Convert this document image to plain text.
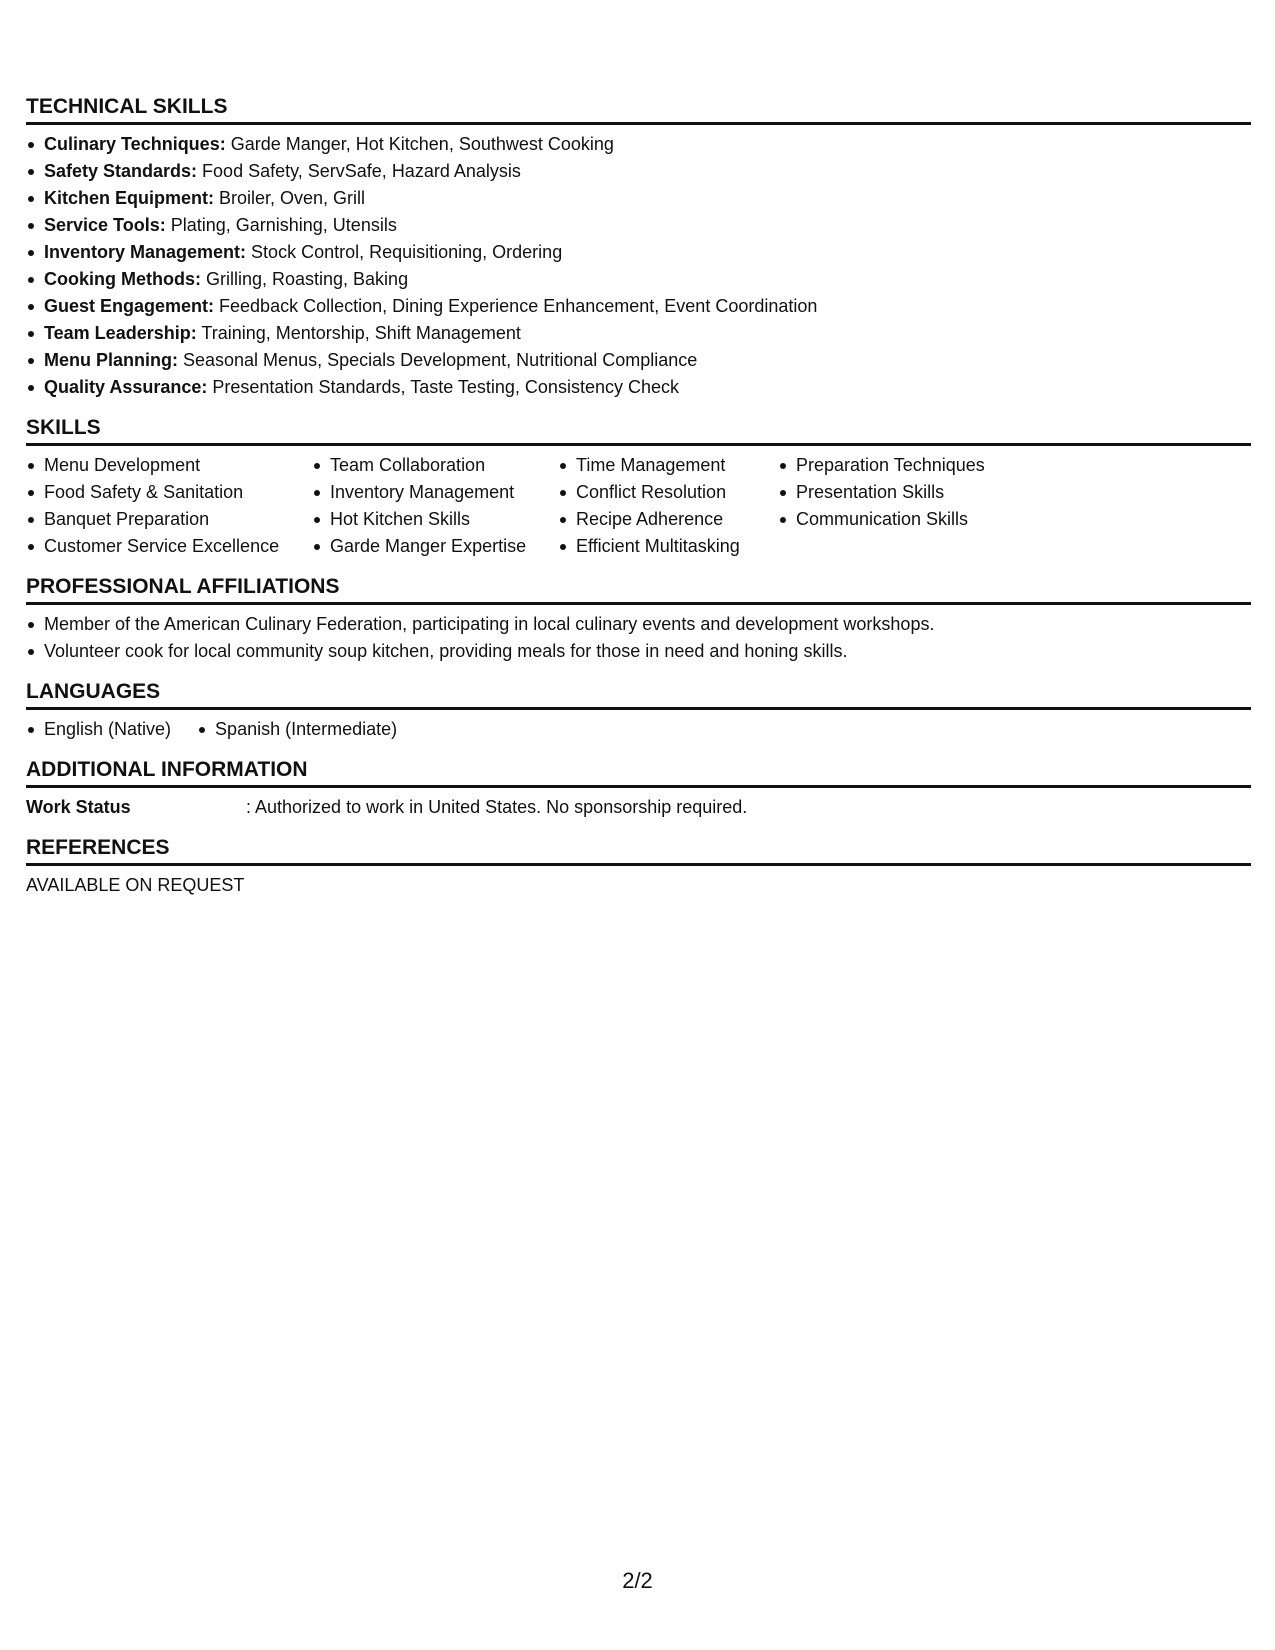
TECHNICAL SKILLS
Culinary Techniques: Garde Manger, Hot Kitchen, Southwest Cooking
Safety Standards: Food Safety, ServSafe, Hazard Analysis
Kitchen Equipment: Broiler, Oven, Grill
Service Tools: Plating, Garnishing, Utensils
Inventory Management: Stock Control, Requisitioning, Ordering
Cooking Methods: Grilling, Roasting, Baking
Guest Engagement: Feedback Collection, Dining Experience Enhancement, Event Coordination
Team Leadership: Training, Mentorship, Shift Management
Menu Planning: Seasonal Menus, Specials Development, Nutritional Compliance
Quality Assurance: Presentation Standards, Taste Testing, Consistency Check
SKILLS
Menu Development
Food Safety & Sanitation
Banquet Preparation
Customer Service Excellence
Team Collaboration
Inventory Management
Hot Kitchen Skills
Garde Manger Expertise
Time Management
Conflict Resolution
Recipe Adherence
Efficient Multitasking
Preparation Techniques
Presentation Skills
Communication Skills
PROFESSIONAL AFFILIATIONS
Member of the American Culinary Federation, participating in local culinary events and development workshops.
Volunteer cook for local community soup kitchen, providing meals for those in need and honing skills.
LANGUAGES
English (Native)	Spanish (Intermediate)
ADDITIONAL INFORMATION
Work Status	: Authorized to work in United States. No sponsorship required.
REFERENCES
AVAILABLE ON REQUEST
2/2
